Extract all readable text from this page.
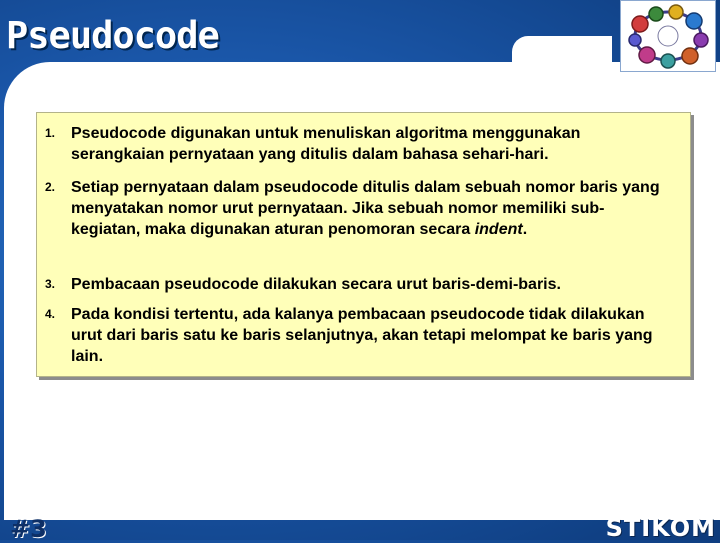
Pseudocode
1. Pseudocode digunakan untuk menuliskan algoritma menggunakan serangkaian pernyataan yang ditulis dalam bahasa sehari-hari.
2. Setiap pernyataan dalam pseudocode ditulis dalam sebuah nomor baris yang menyatakan nomor urut pernyataan. Jika sebuah nomor memiliki sub-kegiatan, maka digunakan aturan penomoran secara indent.
3. Pembacaan pseudocode dilakukan secara urut baris-demi-baris.
4. Pada kondisi tertentu, ada kalanya pembacaan pseudocode tidak dilakukan urut dari baris satu ke baris selanjutnya, akan tetapi melompat ke baris yang lain.
#3	STIKOM
